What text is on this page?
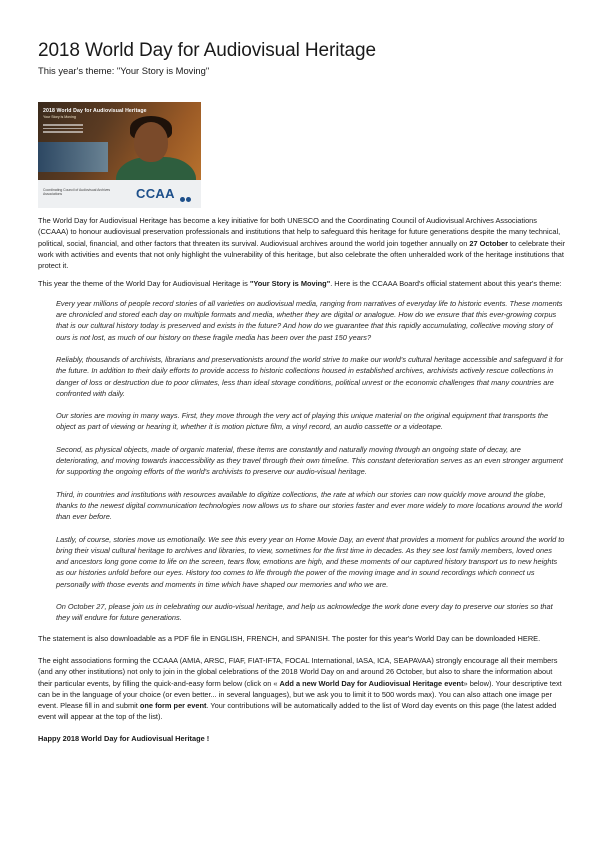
2018 World Day for Audiovisual Heritage
This year's theme: "Your Story is Moving"
2018 World Day for Audiovisual Heritage
Your Story is Moving
Coordinating Council of Audiovisual Archives Associations	CCAA

The World Day for Audiovisual Heritage has become a key initiative for both UNESCO and the Coordinating Council of Audiovisual Archives Associations (CCAAA) to honour audiovisual preservation professionals and institutions that help to safeguard this heritage for future generations despite the many technical, political, social, financial, and other factors that threaten its survival. Audiovisual archives around the world join together annually on 27 October to celebrate their work with activities and events that not only highlight the vulnerability of this heritage, but also celebrate the often unheralded work of the heritage institutions that protect it.

This year the theme of the World Day for Audiovisual Heritage is "Your Story is Moving". Here is the CCAAA Board's official statement about this year's theme:

Every year millions of people record stories of all varieties on audiovisual media, ranging from narratives of everyday life to historic events. These moments are chronicled and stored each day on multiple formats and media, whether they are digital or analogue. How do we ensure that this ever-growing corpus that is our cultural history today is preserved and exists in the future? And how do we guarantee that this rapidly accumulating, collective moving story of ours is not lost, as much of our history on these fragile media has been over the past 150 years?

Reliably, thousands of archivists, librarians and preservationists around the world strive to make our world's cultural heritage accessible and safeguard it for the future. In addition to their daily efforts to provide access to historic collections housed in established archives, archivists actively rescue collections in danger of loss or destruction due to poor climates, less than ideal storage conditions, political unrest or the economic challenges that many countries are confronted with daily.

Our stories are moving in many ways. First, they move through the very act of playing this unique material on the original equipment that transports the object as part of viewing or hearing it, whether it is motion picture film, a vinyl record, an audio cassette or a videotape.

Second, as physical objects, made of organic material, these items are constantly and naturally moving through an ongoing state of decay, are deteriorating, and moving towards inaccessibility as they travel through their own timeline. This constant deterioration serves as an even stronger argument for supporting the ongoing efforts of the world's archivists to preserve our audio-visual heritage.

Third, in countries and institutions with resources available to digitize collections, the rate at which our stories can now quickly move around the globe, thanks to the newest digital communication technologies now allows us to share our stories faster and ever more widely to more locations around the world than ever before.

Lastly, of course, stories move us emotionally. We see this every year on Home Movie Day, an event that provides a moment for publics around the world to bring their visual cultural heritage to archives and libraries, to view, sometimes for the first time in decades. As they see lost family members, loved ones and ancestors long gone come to life on the screen, tears flow, emotions are high, and these moments of our captured history transport us to new heights as our histories unfold before our eyes. History too comes to life through the power of the moving image and in sound recordings which connect us personally with those events and moments in time which have shaped our memories and who we are.

On October 27, please join us in celebrating our audio-visual heritage, and help us acknowledge the work done every day to preserve our stories so that they will endure for future generations.

The statement is also downloadable as a PDF file in ENGLISH, FRENCH, and SPANISH. The poster for this year's World Day can be downloaded HERE.

The eight associations forming the CCAAA (AMIA, ARSC, FIAF, FIAT-IFTA, FOCAL International, IASA, ICA, SEAPAVAA) strongly encourage all their members (and any other institutions) not only to join in the global celebrations of the 2018 World Day on and around 26 October, but also to share the information about their particular events, by filling the quick-and-easy form below (click on « Add a new World Day for Audiovisual Heritage event» below). Your descriptive text can be in the language of your choice (or even better... in several languages), but we ask you to limit it to 500 words max). You can also attach one image per event. Please fill in and submit one form per event. Your contributions will be automatically added to the list of Word day events on this page (the latest added event will appear at the top of the list).

Happy 2018 World Day for Audiovisual Heritage !
